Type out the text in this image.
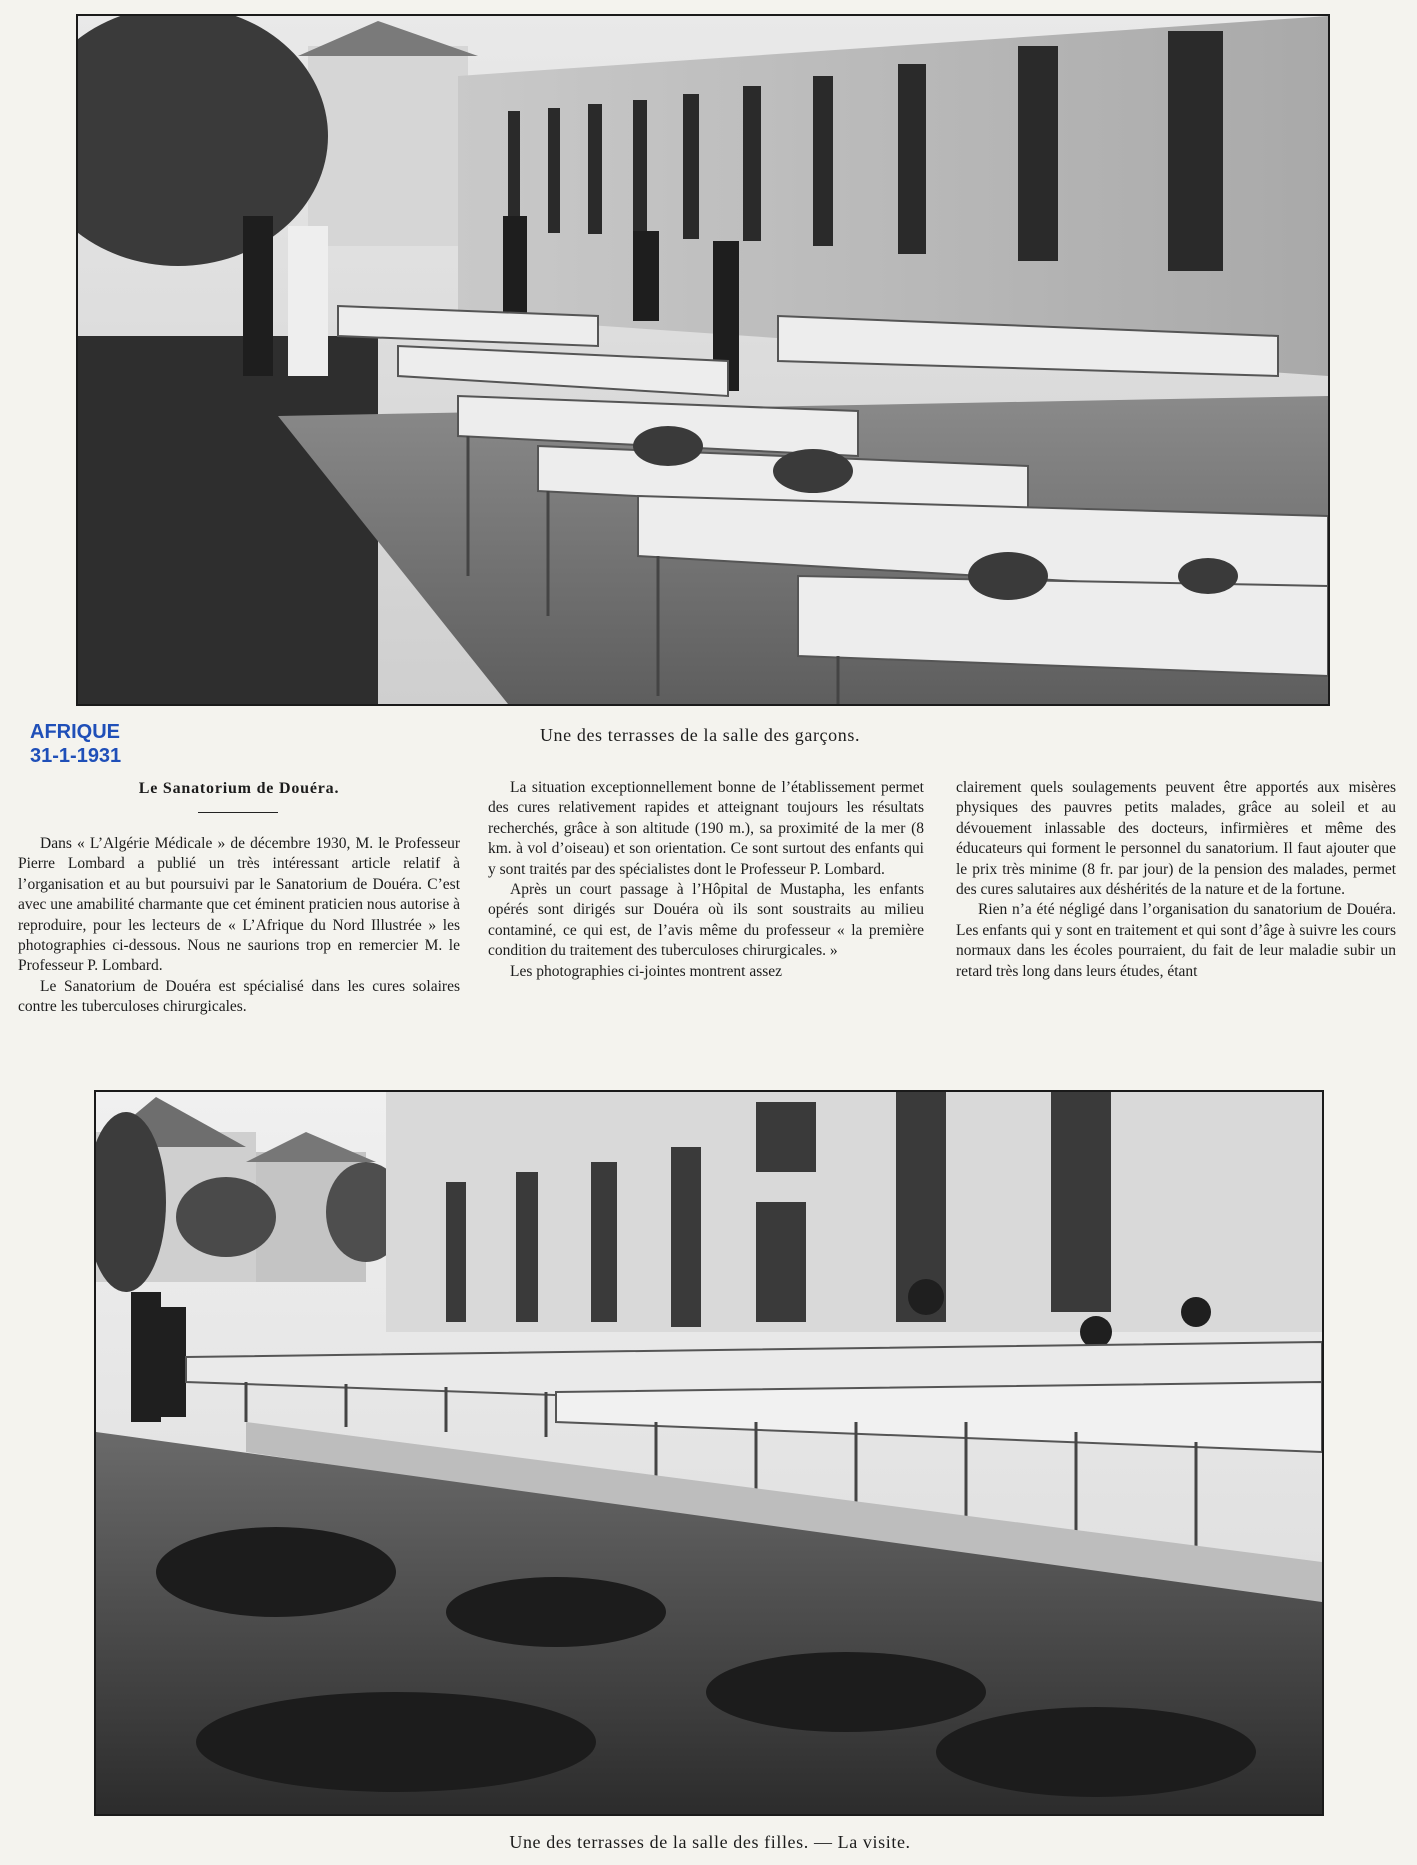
AFRIQUE
31-1-1931
Une des terrasses de la salle des garçons.
Le Sanatorium de Douéra.

Dans « L’Algérie Médicale » de décembre 1930, M. le Professeur Pierre Lombard a publié un très intéressant article relatif à l’organisation et au but poursuivi par le Sanatorium de Douéra. C’est avec une amabilité charmante que cet éminent praticien nous autorise à reproduire, pour les lecteurs de « L’Afrique du Nord Illustrée » les photographies ci-dessous. Nous ne saurions trop en remercier M. le Professeur P. Lombard.

Le Sanatorium de Douéra est spécialisé dans les cures solaires contre les tuberculoses chirurgicales.

La situation exceptionnellement bonne de l’établissement permet des cures relativement rapides et atteignant toujours les résultats recherchés, grâce à son altitude (190 m.), sa proximité de la mer (8 km. à vol d’oiseau) et son orientation. Ce sont surtout des enfants qui y sont traités par des spécialistes dont le Professeur P. Lombard.

Après un court passage à l’Hôpital de Mustapha, les enfants opérés sont dirigés sur Douéra où ils sont soustraits au milieu contaminé, ce qui est, de l’avis même du professeur « la première condition du traitement des tuberculoses chirurgicales. »

Les photographies ci-jointes montrent assez

clairement quels soulagements peuvent être apportés aux misères physiques des pauvres petits malades, grâce au soleil et au dévouement inlassable des docteurs, infirmières et même des éducateurs qui forment le personnel du sanatorium. Il faut ajouter que le prix très minime (8 fr. par jour) de la pension des malades, permet des cures salutaires aux déshérités de la nature et de la fortune.

Rien n’a été négligé dans l’organisation du sanatorium de Douéra. Les enfants qui y sont en traitement et qui sont d’âge à suivre les cours normaux dans les écoles pourraient, du fait de leur maladie subir un retard très long dans leurs études, étant

Une des terrasses de la salle des filles. — La visite.
